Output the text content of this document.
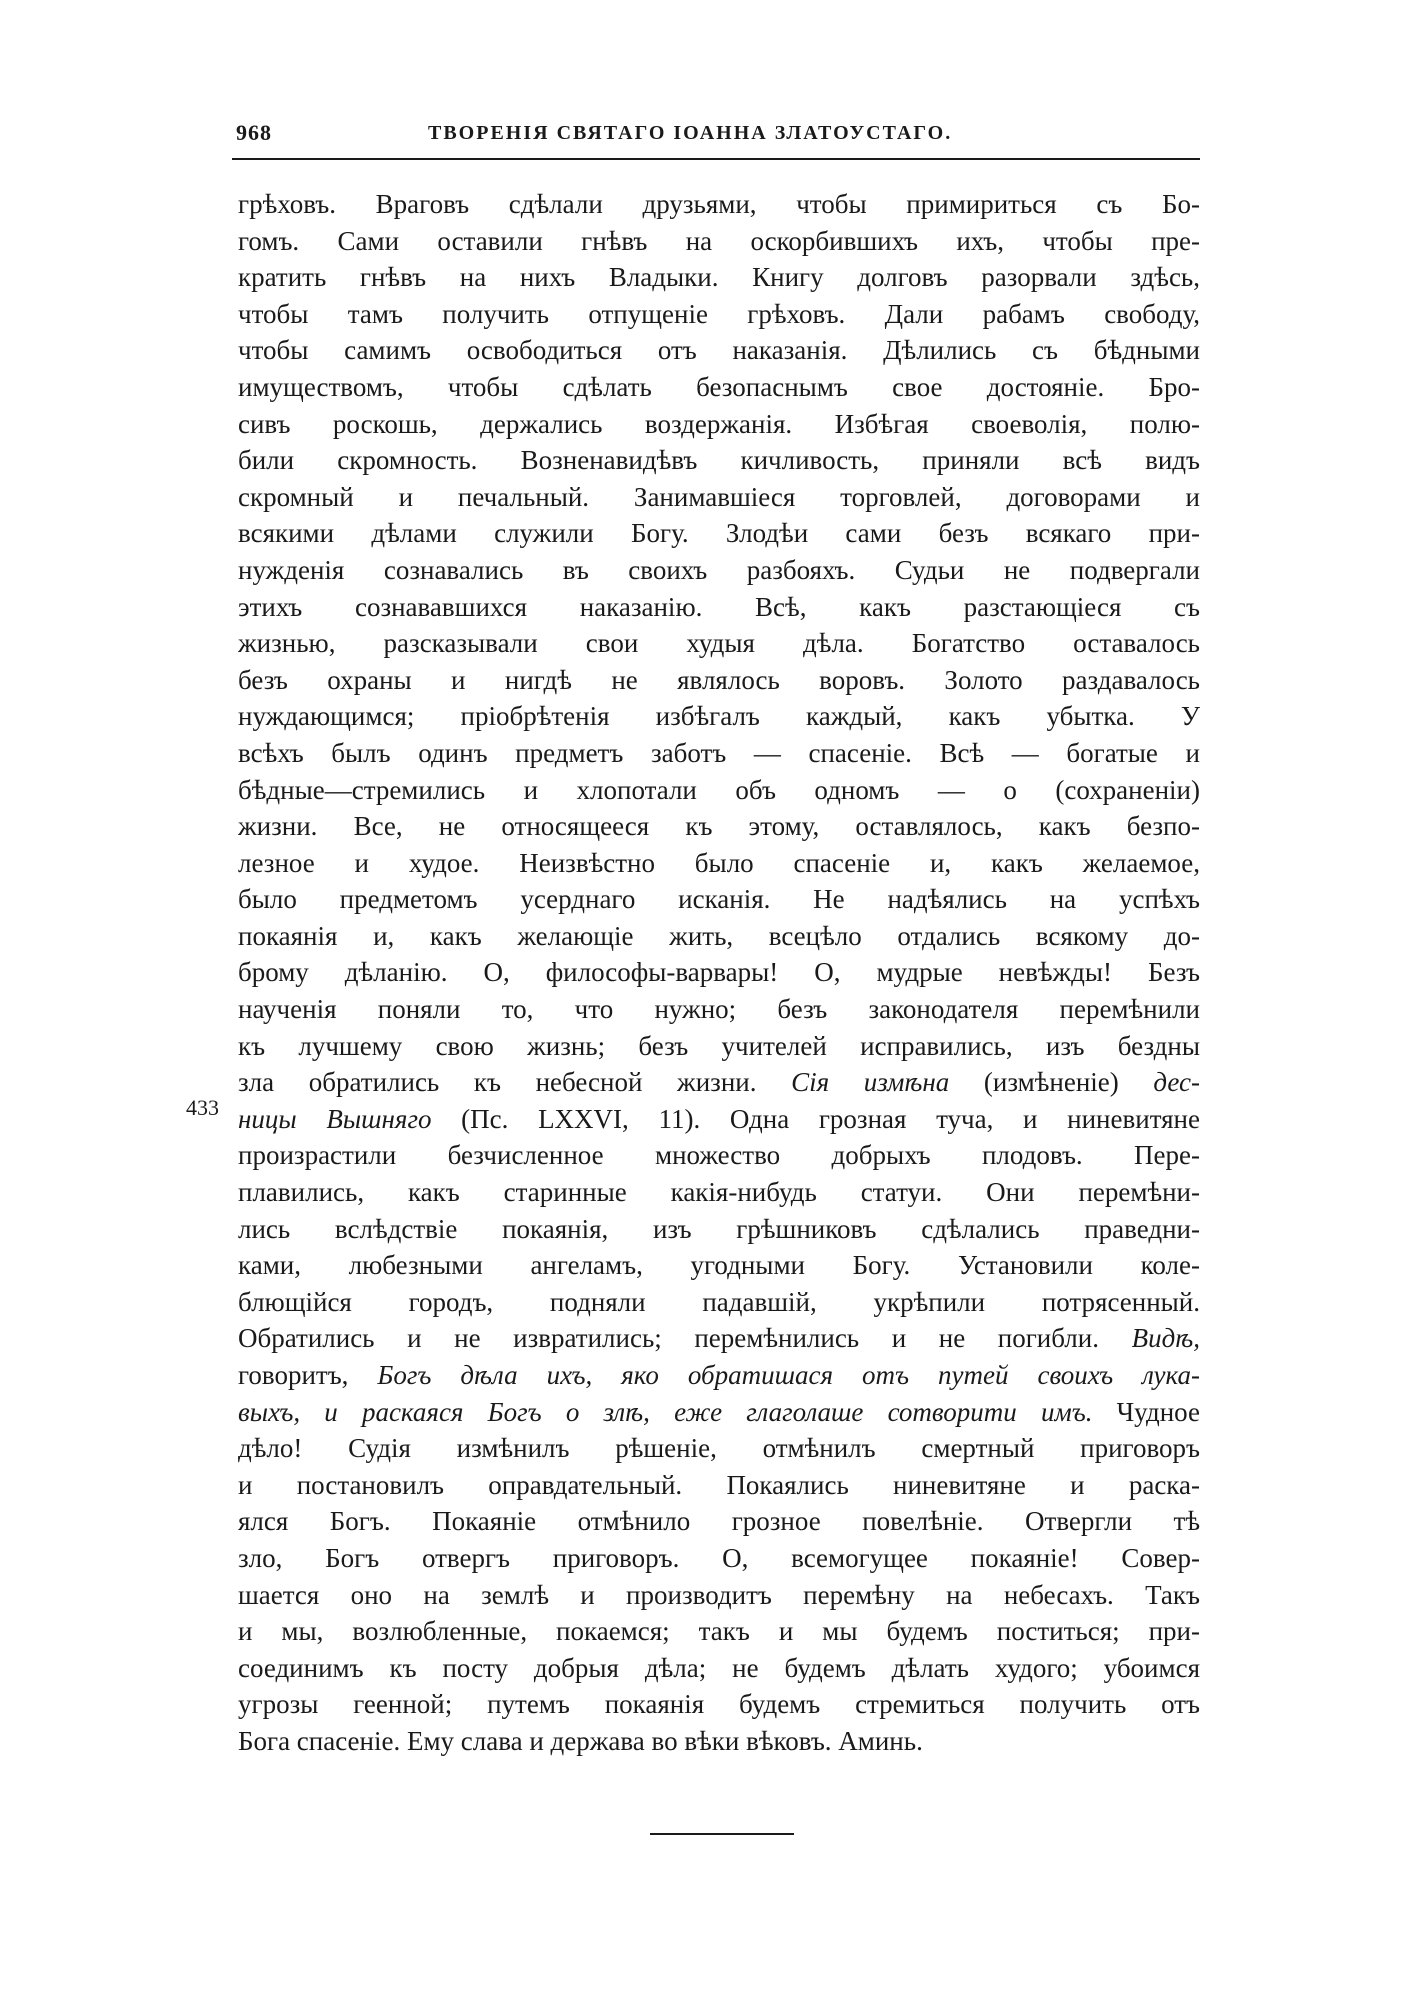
968	ТВОРЕНІЯ СВЯТАГО ІОАННА ЗЛАТОУСТАГО.
433
грѣховъ. Враговъ сдѣлали друзьями, чтобы примириться съ Бо-
гомъ. Сами оставили гнѣвъ на оскорбившихъ ихъ, чтобы пре-
кратить гнѣвъ на нихъ Владыки. Книгу долговъ разорвали здѣсь,
чтобы тамъ получить отпущеніе грѣховъ. Дали рабамъ свободу,
чтобы самимъ освободиться отъ наказанія. Дѣлились съ бѣдными
имуществомъ, чтобы сдѣлать безопаснымъ свое достояніе. Бро-
сивъ роскошь, держались воздержанія. Избѣгая своеволія, полю-
били скромность. Возненавидѣвъ кичливость, приняли всѣ видъ
скромный и печальный. Занимавшіеся торговлей, договорами и
всякими дѣлами служили Богу. Злодѣи сами безъ всякаго при-
нужденія сознавались въ своихъ разбояхъ. Судьи не подвергали
этихъ сознававшихся наказанію. Всѣ, какъ разстающіеся съ
жизнью, разсказывали свои худыя дѣла. Богатство оставалось
безъ охраны и нигдѣ не являлось воровъ. Золото раздавалось
нуждающимся; пріобрѣтенія избѣгалъ каждый, какъ убытка. У
всѣхъ былъ одинъ предметъ заботъ — спасеніе. Всѣ — богатые и
бѣдные—стремились и хлопотали объ одномъ — о (сохраненіи)
жизни. Все, не относящееся къ этому, оставлялось, какъ безпо-
лезное и худое. Неизвѣстно было спасеніе и, какъ желаемое,
было предметомъ усерднаго исканія. Не надѣялись на успѣхъ
покаянія и, какъ желающіе жить, всецѣло отдались всякому до-
брому дѣланію. О, философы-варвары! О, мудрые невѣжды! Безъ
наученія поняли то, что нужно; безъ законодателя перемѣнили
къ лучшему свою жизнь; безъ учителей исправились, изъ бездны
зла обратились къ небесной жизни. Сія измѣна (измѣненіе) дес-
ницы Вышняго (Пс. LXXVI, 11). Одна грозная туча, и ниневитяне
произрастили безчисленное множество добрыхъ плодовъ. Пере-
плавились, какъ старинные какія-нибудь статуи. Они перемѣни-
лись вслѣдствіе покаянія, изъ грѣшниковъ сдѣлались праведни-
ками, любезными ангеламъ, угодными Богу. Установили коле-
блющійся городъ, подняли падавшій, укрѣпили потрясенный.
Обратились и не извратились; перемѣнились и не погибли. Видѣ,
говоритъ, Богъ дѣла ихъ, яко обратишася отъ путей своихъ лука-
выхъ, и раскаяся Богъ о злѣ, еже глаголаше сотворити имъ. Чудное
дѣло! Судія измѣнилъ рѣшеніе, отмѣнилъ смертный приговоръ
и постановилъ оправдательный. Покаялись ниневитяне и раска-
ялся Богъ. Покаяніе отмѣнило грозное повелѣніе. Отвергли тѣ
зло, Богъ отвергъ приговоръ. О, всемогущее покаяніе! Совер-
шается оно на землѣ и производитъ перемѣну на небесахъ. Такъ
и мы, возлюбленные, покаемся; такъ и мы будемъ поститься; при-
соединимъ къ посту добрыя дѣла; не будемъ дѣлать худого; убоимся
угрозы геенной; путемъ покаянія будемъ стремиться получить отъ
Бога спасеніе. Ему слава и держава во вѣки вѣковъ. Аминь.
